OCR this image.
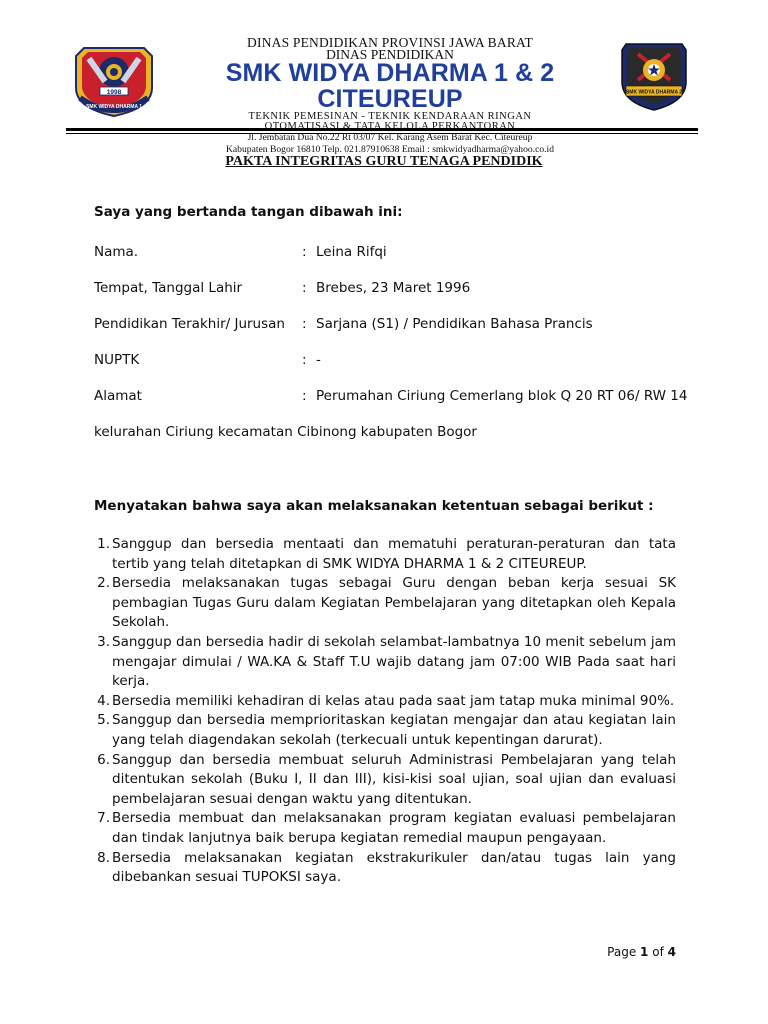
1998
SMK WIDYA DHARMA 1
DINAS PENDIDIKAN PROVINSI JAWA BARAT
DINAS PENDIDIKAN
SMK WIDYA DHARMA 1 & 2 CITEUREUP
TEKNIK PEMESINAN - TEKNIK KENDARAAN RINGAN
OTOMATISASI & TATA KELOLA PERKANTORAN
Jl. Jembatan Dua No.22 Rt 03/07 Kel. Karang Asem Barat Kec. Citeureup
Kabupaten Bogor 16810 Telp. 021.87910638 Email : smkwidyadharma@yahoo.co.id
SMK WIDYA DHARMA 2
PAKTA INTEGRITAS GURU TENAGA PENDIDIK
Saya yang bertanda tangan dibawah ini:
Nama.	: Leina Rifqi
Tempat, Tanggal Lahir	: Brebes, 23 Maret 1996
Pendidikan Terakhir/ Jurusan : Sarjana (S1) / Pendidikan Bahasa Prancis
NUPTK	: -
Alamat	: Perumahan Ciriung Cemerlang blok Q 20 RT 06/ RW 14
kelurahan Ciriung kecamatan Cibinong kabupaten Bogor
Menyatakan bahwa saya akan melaksanakan ketentuan sebagai berikut :
1. Sanggup dan bersedia mentaati dan mematuhi peraturan-peraturan dan tata tertib yang telah ditetapkan di SMK WIDYA DHARMA 1 & 2 CITEUREUP.
2. Bersedia melaksanakan tugas sebagai Guru dengan beban kerja sesuai SK pembagian Tugas Guru dalam Kegiatan Pembelajaran yang ditetapkan oleh Kepala Sekolah.
3. Sanggup dan bersedia hadir di sekolah selambat-lambatnya 10 menit sebelum jam mengajar dimulai / WA.KA & Staff T.U wajib datang jam 07:00 WIB Pada saat hari kerja.
4. Bersedia memiliki kehadiran di kelas atau pada saat jam tatap muka minimal 90%.
5. Sanggup dan bersedia memprioritaskan kegiatan mengajar dan atau kegiatan lain yang telah diagendakan sekolah (terkecuali untuk kepentingan darurat).
6. Sanggup dan bersedia membuat seluruh Administrasi Pembelajaran yang telah ditentukan sekolah (Buku I, II dan III), kisi-kisi soal ujian, soal ujian dan evaluasi pembelajaran sesuai dengan waktu yang ditentukan.
7. Bersedia membuat dan melaksanakan program kegiatan evaluasi pembelajaran dan tindak lanjutnya baik berupa kegiatan remedial maupun pengayaan.
8. Bersedia melaksanakan kegiatan ekstrakurikuler dan/atau tugas lain yang dibebankan sesuai TUPOKSI saya.
Page 1 of 4
